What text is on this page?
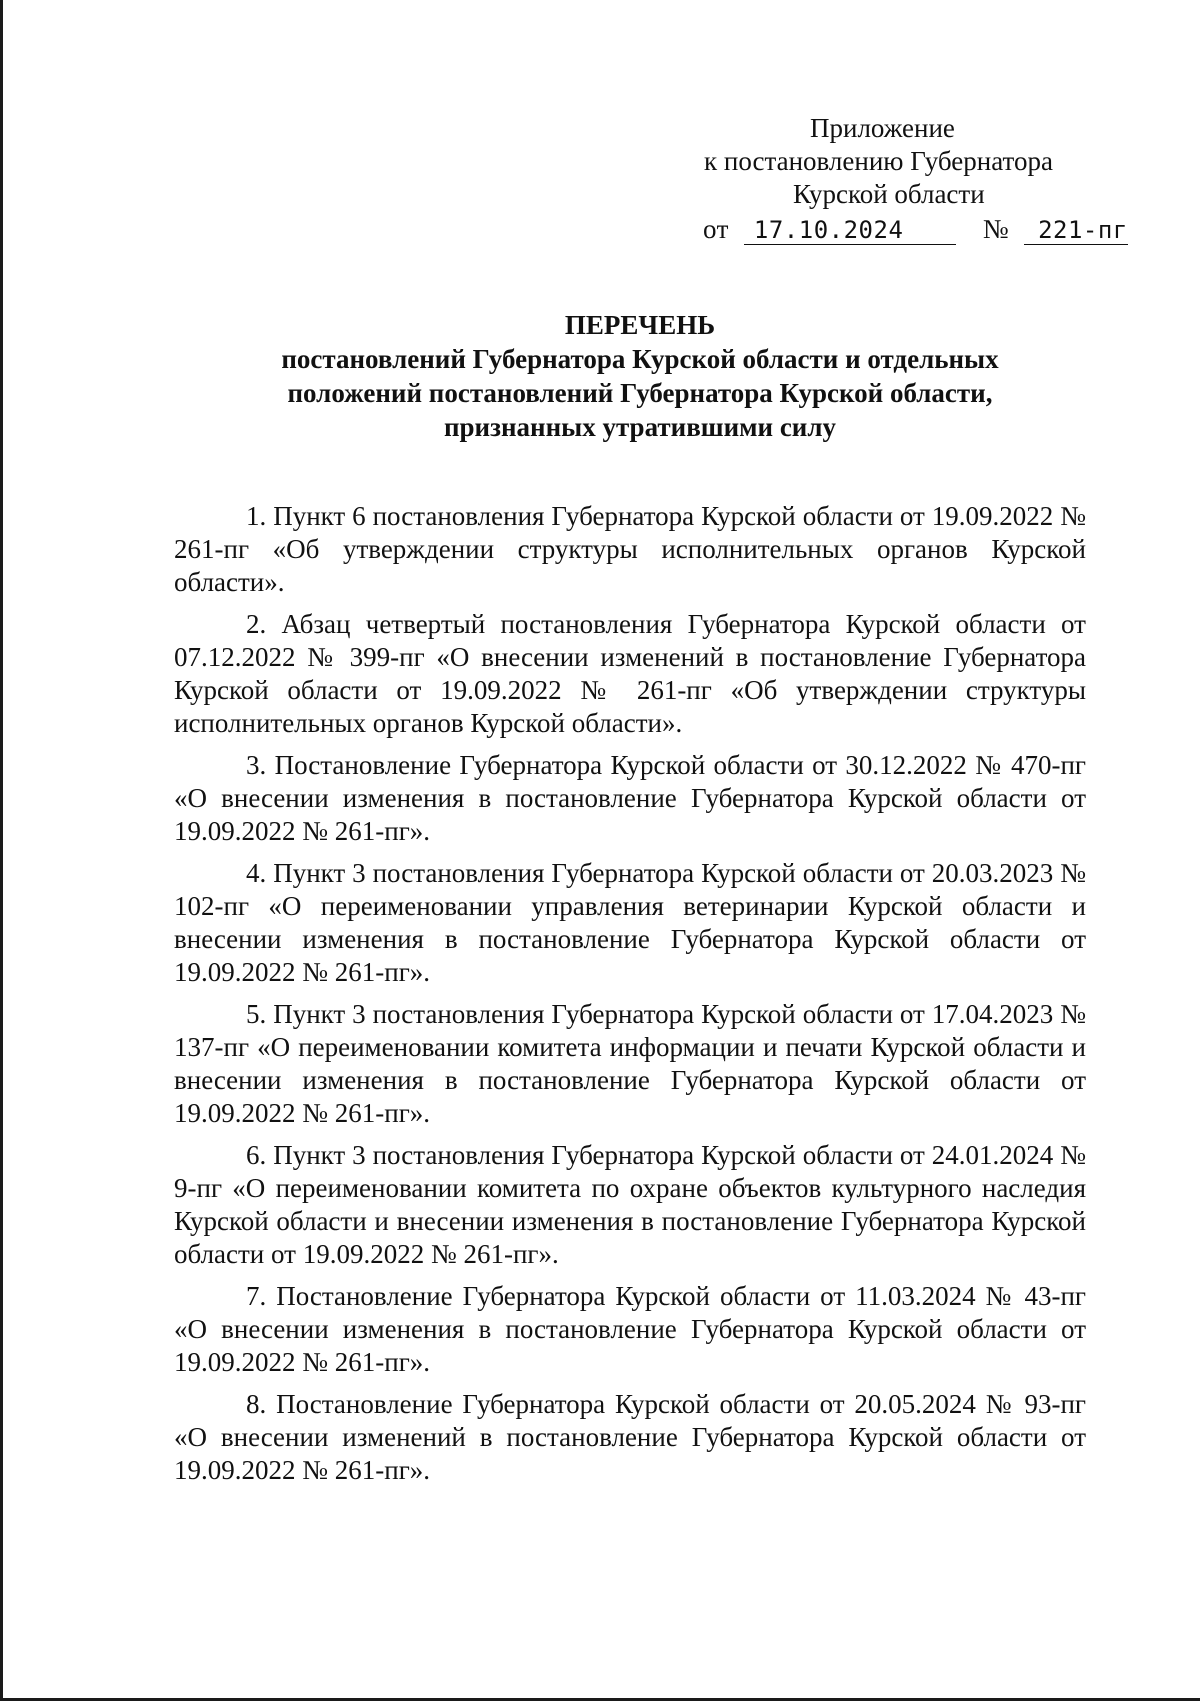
Приложение
к постановлению Губернатора
Курской области
от 17.10.2024	№ 221-пг
ПЕРЕЧЕНЬ
постановлений Губернатора Курской области и отдельных
положений постановлений Губернатора Курской области,
признанных утратившими силу

1. Пункт 6 постановления Губернатора Курской области от 19.09.2022 № 261-пг «Об утверждении структуры исполнительных органов Курской области».

2. Абзац четвертый постановления Губернатора Курской области от 07.12.2022 № 399-пг «О внесении изменений в постановление Губернатора Курской области от 19.09.2022 № 261-пг «Об утверждении структуры исполнительных органов Курской области».

3. Постановление Губернатора Курской области от 30.12.2022 № 470-пг «О внесении изменения в постановление Губернатора Курской области от 19.09.2022 № 261-пг».

4. Пункт 3 постановления Губернатора Курской области от 20.03.2023 № 102-пг «О переименовании управления ветеринарии Курской области и внесении изменения в постановление Губернатора Курской области от 19.09.2022 № 261-пг».

5. Пункт 3 постановления Губернатора Курской области от 17.04.2023 № 137-пг «О переименовании комитета информации и печати Курской области и внесении изменения в постановление Губернатора Курской области от 19.09.2022 № 261-пг».

6. Пункт 3 постановления Губернатора Курской области от 24.01.2024 № 9-пг «О переименовании комитета по охране объектов культурного наследия Курской области и внесении изменения в постановление Губернатора Курской области от 19.09.2022 № 261-пг».

7. Постановление Губернатора Курской области от 11.03.2024 № 43-пг «О внесении изменения в постановление Губернатора Курской области от 19.09.2022 № 261-пг».

8. Постановление Губернатора Курской области от 20.05.2024 № 93-пг «О внесении изменений в постановление Губернатора Курской области от 19.09.2022 № 261-пг».
